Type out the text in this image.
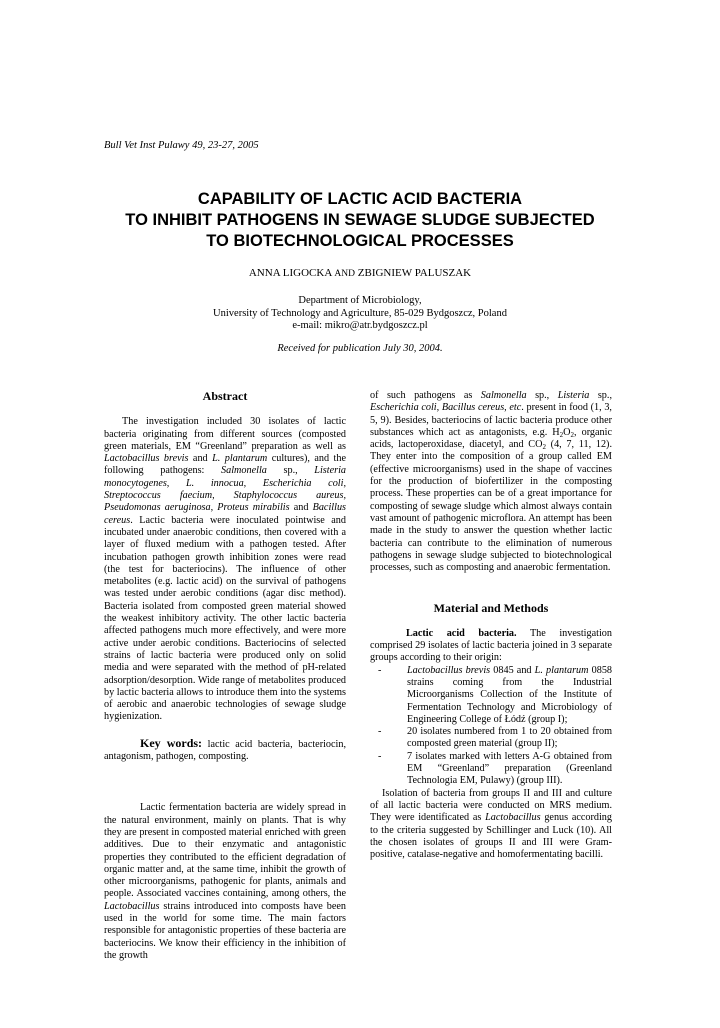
Bull Vet Inst Pulawy 49, 23-27, 2005
CAPABILITY OF LACTIC ACID BACTERIA
TO INHIBIT PATHOGENS IN SEWAGE SLUDGE SUBJECTED
TO BIOTECHNOLOGICAL PROCESSES
ANNA LIGOCKA AND ZBIGNIEW PALUSZAK
Department of Microbiology,
University of Technology and Agriculture, 85-029 Bydgoszcz, Poland
e-mail: mikro@atr.bydgoszcz.pl
Received for publication July 30, 2004.

Abstract

The investigation included 30 isolates of lactic bacteria originating from different sources (composted green materials, EM “Greenland” preparation as well as Lactobacillus brevis and L. plantarum cultures), and the following pathogens: Salmonella sp., Listeria monocytogenes, L. innocua, Escherichia coli, Streptococcus faecium, Staphylococcus aureus, Pseudomonas aeruginosa, Proteus mirabilis and Bacillus cereus. Lactic bacteria were inoculated pointwise and incubated under anaerobic conditions, then covered with a layer of fluxed medium with a pathogen tested. After incubation pathogen growth inhibition zones were read (the test for bacteriocins). The influence of other metabolites (e.g. lactic acid) on the survival of pathogens was tested under aerobic conditions (agar disc method). Bacteria isolated from composted green material showed the weakest inhibitory activity. The other lactic bacteria affected pathogens much more effectively, and were more active under aerobic conditions. Bacteriocins of selected strains of lactic bacteria were produced only on solid media and were separated with the method of pH-related adsorption/desorption. Wide range of metabolites produced by lactic bacteria allows to introduce them into the systems of aerobic and anaerobic technologies of sewage sludge hygienization.

Key words: lactic acid bacteria, bacteriocin, antagonism, pathogen, composting.

Lactic fermentation bacteria are widely spread in the natural environment, mainly on plants. That is why they are present in composted material enriched with green additives. Due to their enzymatic and antagonistic properties they contributed to the efficient degradation of organic matter and, at the same time, inhibit the growth of other microorganisms, pathogenic for plants, animals and people. Associated vaccines containing, among others, the Lactobacillus strains introduced into composts have been used in the world for some time. The main factors responsible for antagonistic properties of these bacteria are bacteriocins. We know their efficiency in the inhibition of the growth

of such pathogens as Salmonella sp., Listeria sp., Escherichia coli, Bacillus cereus, etc. present in food (1, 3, 5, 9). Besides, bacteriocins of lactic bacteria produce other substances which act as antagonists, e.g. $H_2O_2$, organic acids, lactoperoxidase, diacetyl, and $CO_2$ (4, 7, 11, 12). They enter into the composition of a group called EM (effective microorganisms) used in the shape of vaccines for the production of biofertilizer in the composting process. These properties can be of a great importance for composting of sewage sludge which almost always contain vast amount of pathogenic microflora. An attempt has been made in the study to answer the question whether lactic bacteria can contribute to the elimination of numerous pathogens in sewage sludge subjected to biotechnological processes, such as composting and anaerobic fermentation.

Material and Methods

Lactic acid bacteria. The investigation comprised 29 isolates of lactic bacteria joined in 3 separate groups according to their origin:

-	Lactobacillus brevis 0845 and L. plantarum 0858 strains coming from the Industrial Microorganisms Collection of the Institute of Fermentation Technology and Microbiology of Engineering College of Łódź (group I);
-	20 isolates numbered from 1 to 20 obtained from composted green material (group II);
-	7 isolates marked with letters A-G obtained from EM “Greenland” preparation (Greenland Technologia EM, Pulawy) (group III).

Isolation of bacteria from groups II and III and culture of all lactic bacteria were conducted on MRS medium. They were identificated as Lactobacillus genus according to the criteria suggested by Schillinger and Luck (10). All the chosen isolates of groups II and III were Gram-positive, catalase-negative and homofermentating bacilli.
